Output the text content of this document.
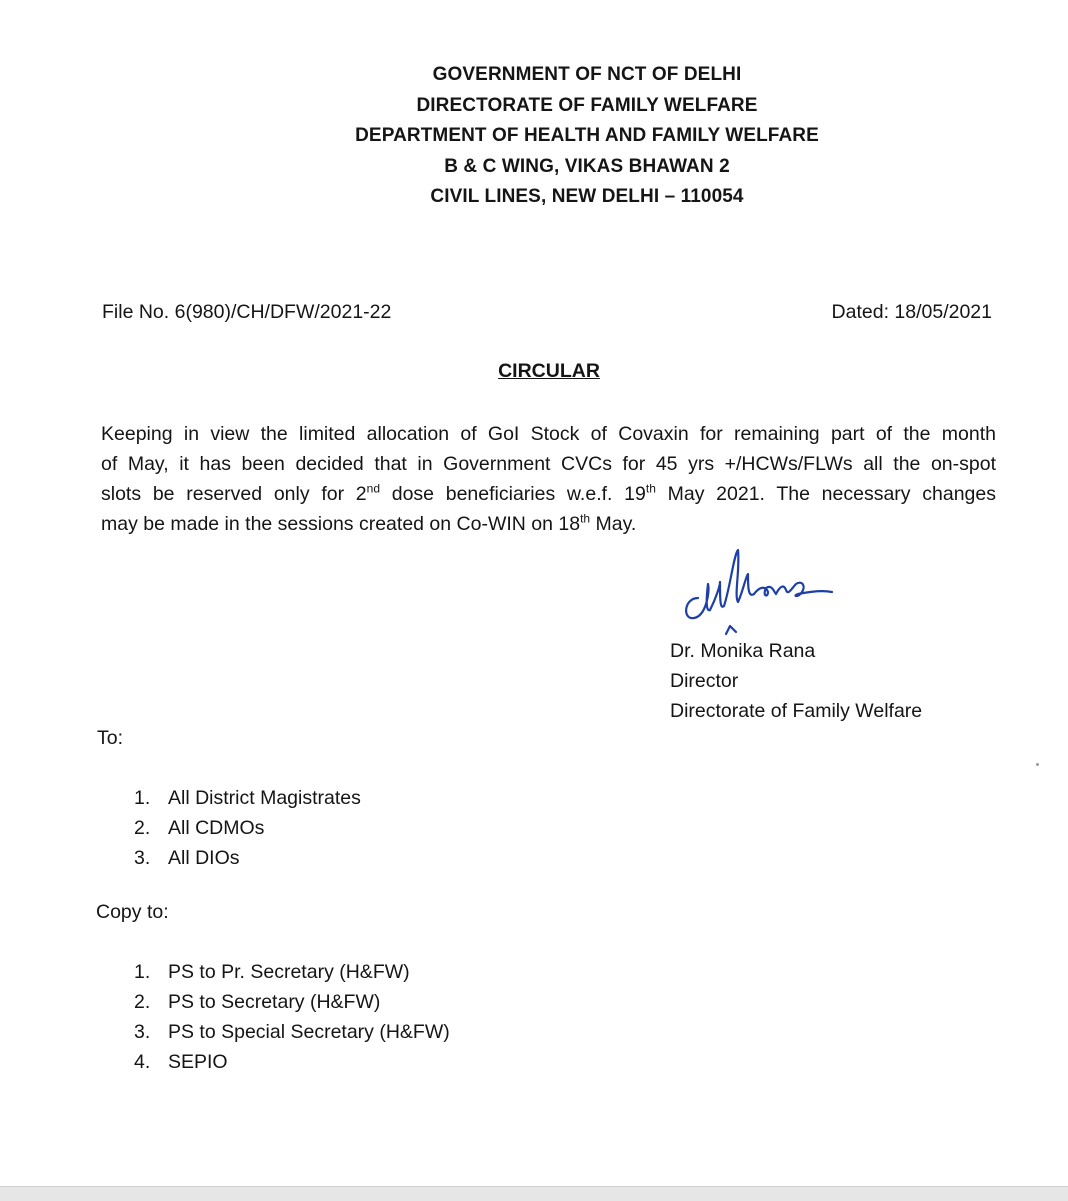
GOVERNMENT OF NCT OF DELHI
DIRECTORATE OF FAMILY WELFARE
DEPARTMENT OF HEALTH AND FAMILY WELFARE
B & C WING, VIKAS BHAWAN 2
CIVIL LINES, NEW DELHI – 110054
File No. 6(980)/CH/DFW/2021-22	Dated: 18/05/2021
CIRCULAR
Keeping in view the limited allocation of GoI Stock of Covaxin for remaining part of the month
of May, it has been decided that in Government CVCs for 45 yrs +/HCWs/FLWs all the on-spot
slots be reserved only for 2nd dose beneficiaries w.e.f. 19th May 2021. The necessary changes
may be made in the sessions created on Co-WIN on 18th May.
Dr. Monika Rana
Director
Directorate of Family Welfare
To:
1. All District Magistrates
2. All CDMOs
3. All DIOs
Copy to:
1. PS to Pr. Secretary (H&FW)
2. PS to Secretary (H&FW)
3. PS to Special Secretary (H&FW)
4. SEPIO
